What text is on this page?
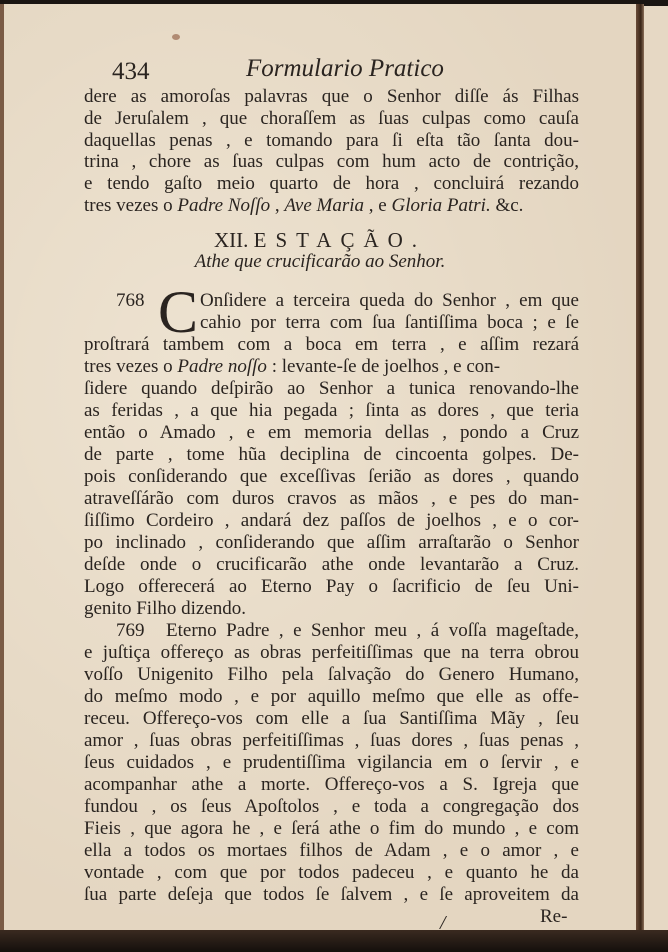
434	Formulario Pratico
dere as amoroſas palavras que o Senhor diſſe ás Filhas
de Jeruſalem , que choraſſem as ſuas culpas como cauſa
daquellas penas , e tomando para ſi eſta tão ſanta dou-
trina , chore as ſuas culpas com hum acto de contrição,
e tendo gaſto meio quarto de hora , concluirá rezando
tres vezes o Padre Noſſo , Ave Maria , e Gloria Patri. &c.
XII. ESTAÇÃO.
Athe que crucificarão ao Senhor.
768 C Onſidere a terceira queda do Senhor , em que
cahio por terra com ſua ſantiſſima boca ; e ſe
proſtrará tambem com a boca em terra , e aſſim rezará
tres vezes o Padre noſſo : levante-ſe de joelhos , e con-
ſidere quando deſpirão ao Senhor a tunica renovando-lhe
as feridas , a que hia pegada ; ſinta as dores , que teria
então o Amado , e em memoria dellas , pondo a Cruz
de parte , tome hũa deciplina de cincoenta golpes. De-
pois conſiderando que exceſſivas ſerião as dores , quando
atraveſſárão com duros cravos as mãos , e pes do man-
ſiſſimo Cordeiro , andará dez paſſos de joelhos , e o cor-
po inclinado , conſiderando que aſſim arraſtarão o Senhor
deſde onde o crucificarão athe onde levantarão a Cruz.
Logo offerecerá ao Eterno Pay o ſacrificio de ſeu Uni-
genito Filho dizendo.
769	Eterno Padre , e Senhor meu , á voſſa mageſtade,
e juſtiça offereço as obras perfeitiſſimas que na terra obrou
voſſo Unigenito Filho pela ſalvação do Genero Humano,
do meſmo modo , e por aquillo meſmo que elle as offe-
receu. Offereço-vos com elle a ſua Santiſſima Mãy , ſeu
amor , ſuas obras perfeitiſſimas , ſuas dores , ſuas penas ,
ſeus cuidados , e prudentiſſima vigilancia em o ſervir , e
acompanhar athe a morte. Offereço-vos a S. Igreja que
fundou , os ſeus Apoſtolos , e toda a congregação dos
Fieis , que agora he , e ſerá athe o fim do mundo , e com
ella a todos os mortaes filhos de Adam , e o amor , e
vontade , com que por todos padeceu , e quanto he da
ſua parte deſeja que todos ſe ſalvem , e ſe aproveitem da
Re-
/
